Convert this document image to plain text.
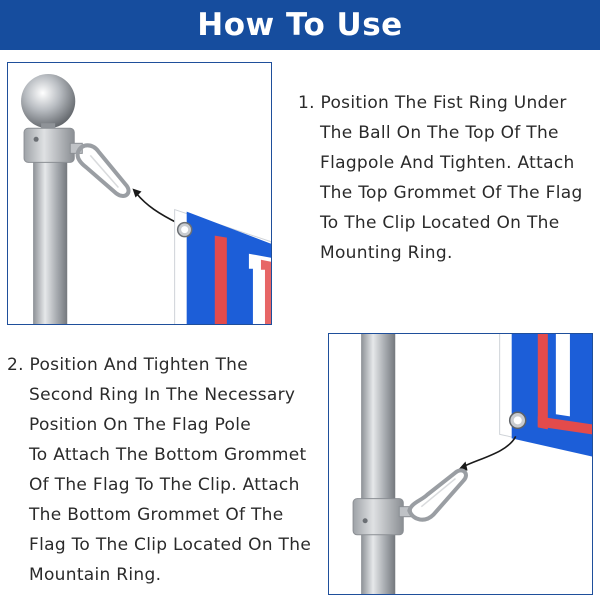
How To Use

1. Position The Fist Ring Under
The Ball On The Top Of The
Flagpole And Tighten. Attach
The Top Grommet Of The Flag
To The Clip Located On The
Mounting Ring.

2. Position And Tighten The
Second Ring In The Necessary
Position On The Flag Pole
To Attach The Bottom Grommet
Of The Flag To The Clip. Attach
The Bottom Grommet Of The
Flag To The Clip Located On The
Mountain Ring.
